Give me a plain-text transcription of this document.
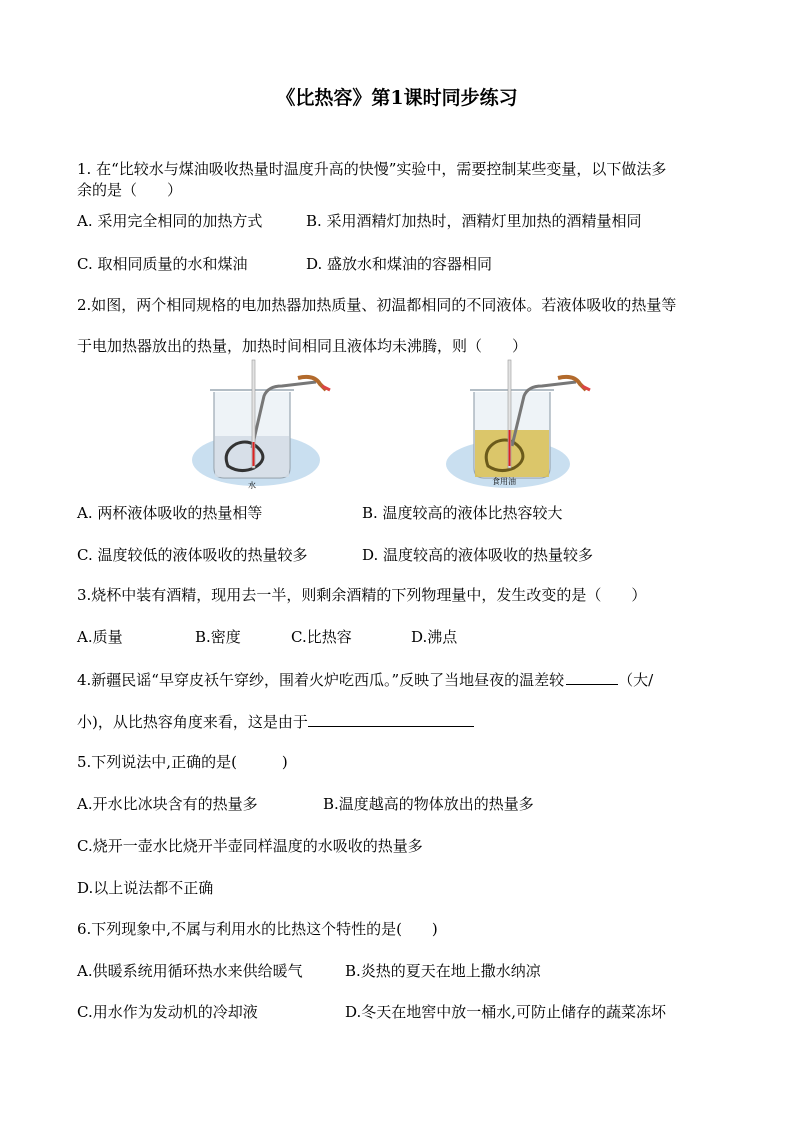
《比热容》第1课时同步练习
1. 在“比较水与煤油吸收热量时温度升高的快慢”实验中，需要控制某些变量，以下做法多
余的是（　　）
A. 采用完全相同的加热方式	B. 采用酒精灯加热时，酒精灯里加热的酒精量相同
C. 取相同质量的水和煤油	D. 盛放水和煤油的容器相同
2.如图，两个相同规格的电加热器加热质量、初温都相同的不同液体。若液体吸收的热量等
于电加热器放出的热量，加热时间相同且液体均未沸腾，则（　　）
水	食用油
A. 两杯液体吸收的热量相等	B. 温度较高的液体比热容较大
C. 温度较低的液体吸收的热量较多	D. 温度较高的液体吸收的热量较多
3.烧杯中装有酒精，现用去一半，则剩余酒精的下列物理量中，发生改变的是（　　）
A.质量	B.密度	C.比热容	D.沸点
4.新疆民谣“早穿皮袄午穿纱，围着火炉吃西瓜。”反映了当地昼夜的温差较	（大/
小)，从比热容角度来看，这是由于
5.下列说法中,正确的是(　　　)
A.开水比冰块含有的热量多	B.温度越高的物体放出的热量多
C.烧开一壶水比烧开半壶同样温度的水吸收的热量多
D.以上说法都不正确
6.下列现象中,不属与利用水的比热这个特性的是(　　)
A.供暖系统用循环热水来供给暖气	B.炎热的夏天在地上撒水纳凉
C.用水作为发动机的冷却液	D.冬天在地窖中放一桶水,可防止储存的蔬菜冻坏
